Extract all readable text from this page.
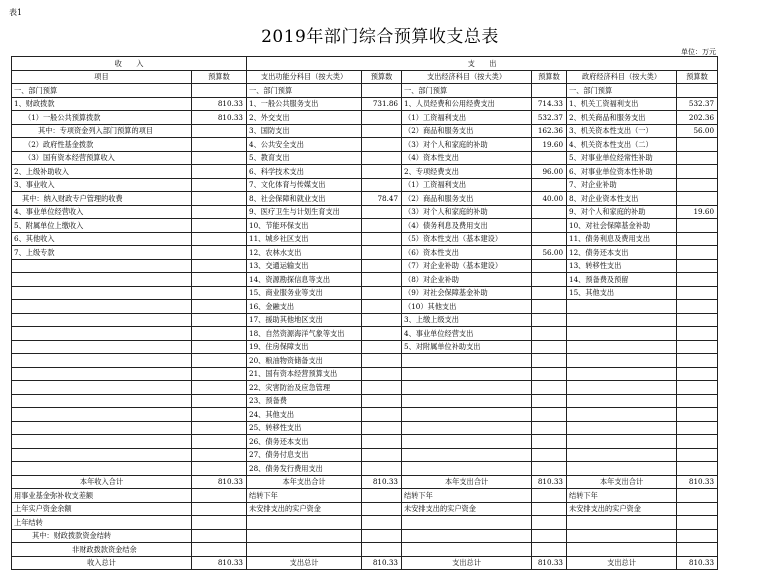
表1
2019年部门综合预算收支总表
单位：万元
收　　入		支　　出					
项目	预算数	支出功能分科目（按大类）	预算数	支出经济科目（按大类）	预算数	政府经济科目（按大类）	预算数
一、部门预算		一、部门预算		一、部门预算		一、部门预算	
1、财政拨款	810.33	1、一般公共服务支出	731.86	1、人员经费和公用经费支出	714.33	1、机关工资福利支出	532.37
（1）一般公共预算拨款	810.33	2、外交支出		（1）工资福利支出	532.37	2、机关商品和服务支出	202.36
其中：专项资金列入部门预算的项目		3、国防支出		（2）商品和服务支出	162.36	3、机关资本性支出（一）	56.00
（2）政府性基金拨款		4、公共安全支出		（3）对个人和家庭的补助	19.60	4、机关资本性支出（二）	
（3）国有资本经营预算收入		5、教育支出		（4）资本性支出		5、对事业单位经常性补助	
2、上级补助收入		6、科学技术支出		2、专项经费支出	96.00	6、对事业单位资本性补助	
3、事业收入		7、文化体育与传媒支出		（1）工资福利支出		7、对企业补助	
其中：纳入财政专户管理的收费		8、社会保障和就业支出	78.47	（2）商品和服务支出	40.00	8、对企业资本性支出	
4、事业单位经营收入		9、医疗卫生与计划生育支出		（3）对个人和家庭的补助		9、对个人和家庭的补助	19.60
5、附属单位上缴收入		10、节能环保支出		（4）债务利息及费用支出		10、对社会保障基金补助	
6、其他收入		11、城乡社区支出		（5）资本性支出（基本建设）		11、债务利息及费用支出	
7、上级专款		12、农林水支出		（6）资本性支出	56.00	12、债务还本支出	
		13、交通运输支出		（7）对企业补助（基本建设）		13、转移性支出	
		14、资源勘探信息等支出		（8）对企业补助		14、预备费及预留	
		15、商业服务业等支出		（9）对社会保障基金补助		15、其他支出	
		16、金融支出		（10）其他支出			
		17、援助其他地区支出		3、上缴上级支出			
		18、自然资源海洋气象等支出		4、事业单位经营支出			
		19、住房保障支出		5、对附属单位补助支出			
		20、粮油物资储备支出					
		21、国有资本经营预算支出					
		22、灾害防治及应急管理					
		23、预备费					
		24、其他支出					
		25、转移性支出					
		26、债务还本支出					
		27、债务付息支出					
		28、债务发行费用支出					
本年收入合计	810.33	本年支出合计	810.33	本年支出合计	810.33	本年支出合计	810.33
用事业基金弥补收支差额		结转下年		结转下年		结转下年	
上年实户资金余额		未安排支出的实户资金		未安排支出的实户资金		未安排支出的实户资金	
上年结转							
其中：财政拨款资金结转							
非财政拨款资金结余							
收入总计	810.33	支出总计	810.33	支出总计	810.33	支出总计	810.33
